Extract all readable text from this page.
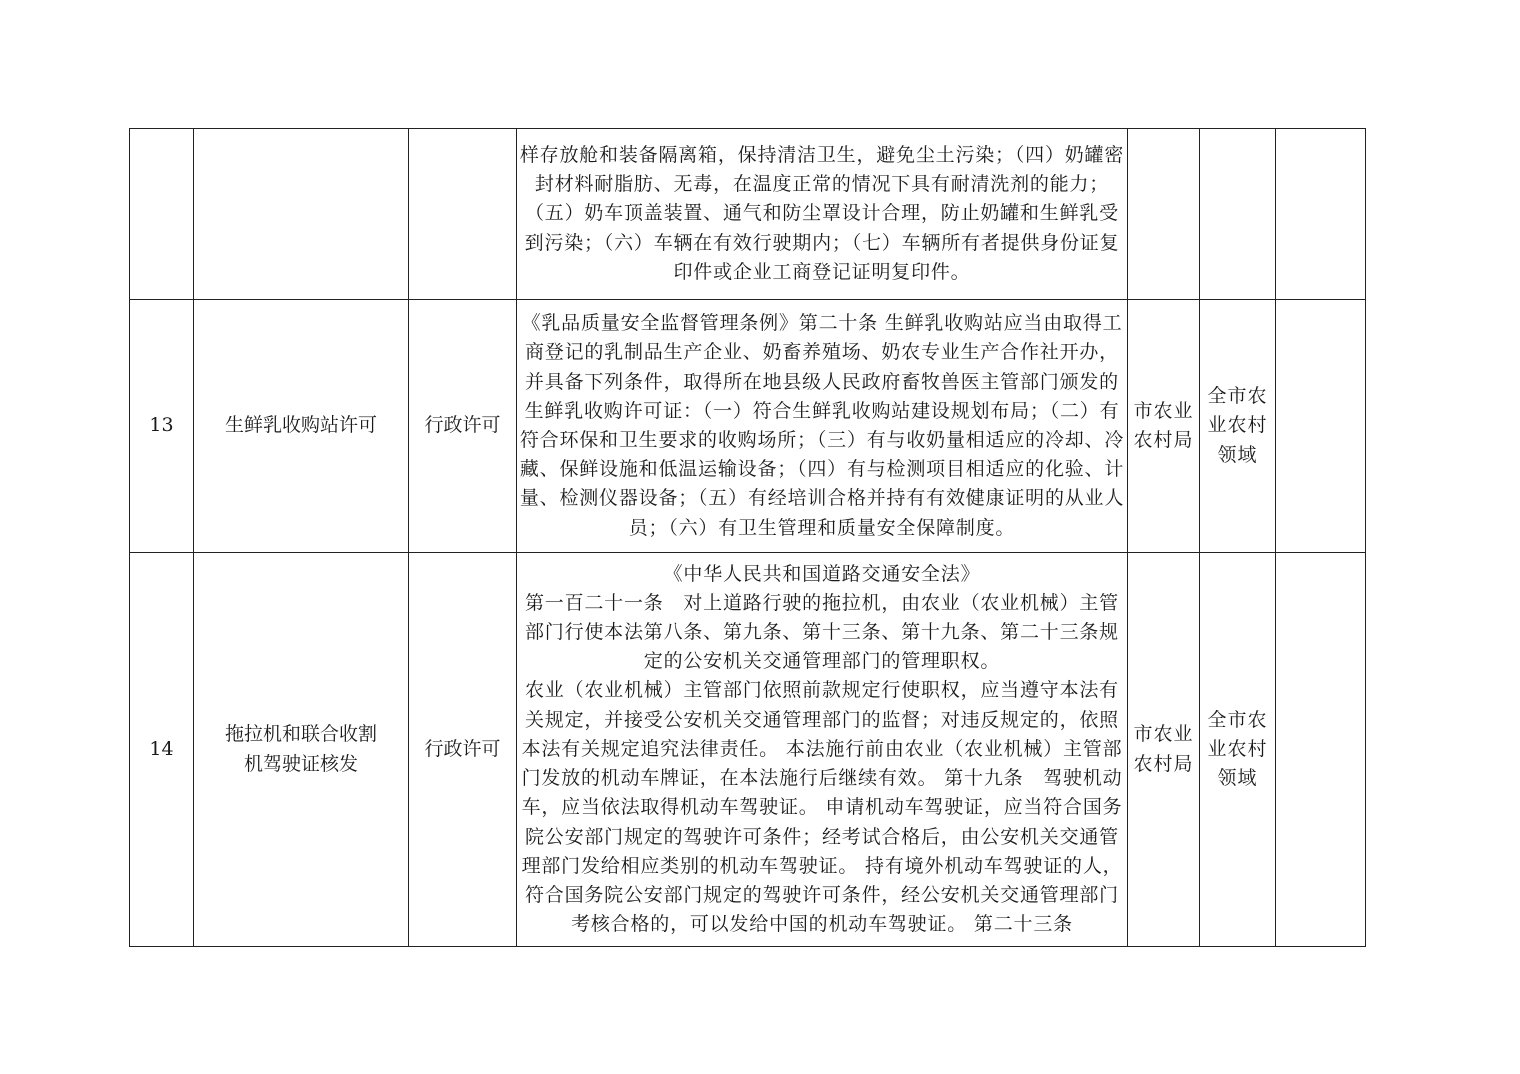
			样存放舱和装备隔离箱，保持清洁卫生，避免尘土污染；（四）奶罐密封材料耐脂肪、无毒，在温度正常的情况下具有耐清洗剂的能力；（五）奶车顶盖装置、通气和防尘罩设计合理，防止奶罐和生鲜乳受到污染；（六）车辆在有效行驶期内；（七）车辆所有者提供身份证复印件或企业工商登记证明复印件。			

13	生鲜乳收购站许可	行政许可	《乳品质量安全监督管理条例》第二十条 生鲜乳收购站应当由取得工商登记的乳制品生产企业、奶畜养殖场、奶农专业生产合作社开办，并具备下列条件，取得所在地县级人民政府畜牧兽医主管部门颁发的生鲜乳收购许可证：（一）符合生鲜乳收购站建设规划布局；（二）有符合环保和卫生要求的收购场所；（三）有与收奶量相适应的冷却、冷藏、保鲜设施和低温运输设备；（四）有与检测项目相适应的化验、计量、检测仪器设备；（五）有经培训合格并持有有效健康证明的从业人员；（六）有卫生管理和质量安全保障制度。	市农业农村局	全市农业农村领域	
14	拖拉机和联合收割机驾驶证核发	行政许可	《中华人民共和国道路交通安全法》
第一百二十一条　对上道路行驶的拖拉机，由农业（农业机械）主管部门行使本法第八条、第九条、第十三条、第十九条、第二十三条规定的公安机关交通管理部门的管理职权。
农业（农业机械）主管部门依照前款规定行使职权，应当遵守本法有关规定，并接受公安机关交通管理部门的监督；对违反规定的，依照本法有关规定追究法律责任。 本法施行前由农业（农业机械）主管部门发放的机动车牌证，在本法施行后继续有效。 第十九条　驾驶机动车，应当依法取得机动车驾驶证。 申请机动车驾驶证，应当符合国务院公安部门规定的驾驶许可条件；经考试合格后，由公安机关交通管理部门发给相应类别的机动车驾驶证。 持有境外机动车驾驶证的人，符合国务院公安部门规定的驾驶许可条件，经公安机关交通管理部门考核合格的，可以发给中国的机动车驾驶证。 第二十三条	市农业农村局	全市农业农村领域	
